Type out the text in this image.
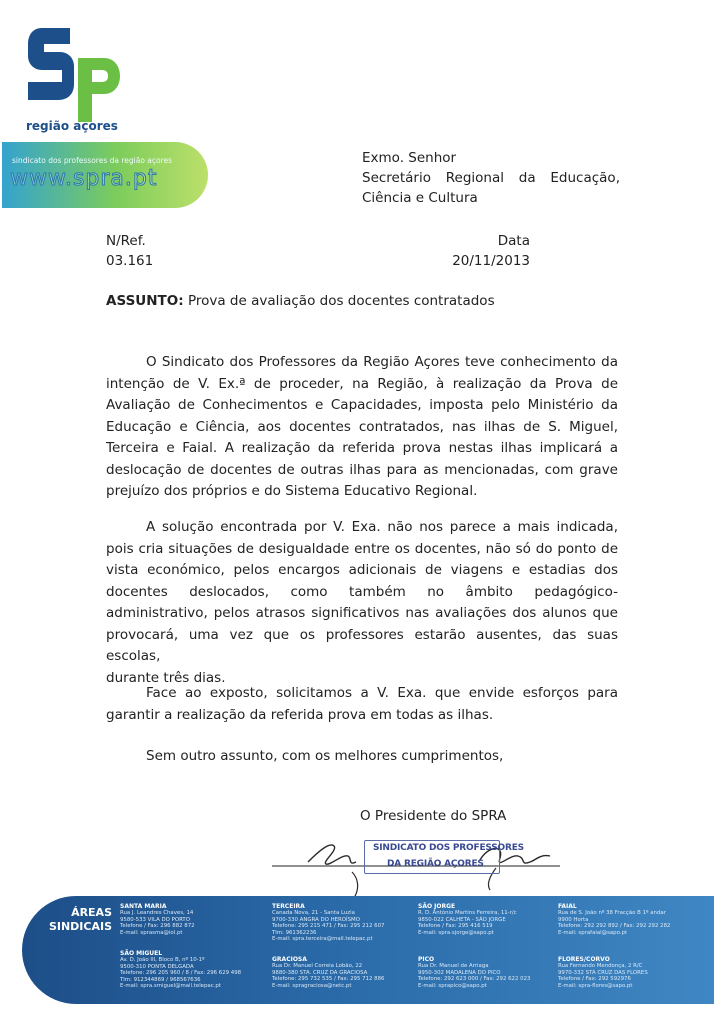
região açores
sindicato dos professores da região açores
www.spra.pt
Exmo. Senhor
Secretário Regional da Educação,
Ciência e Cultura
N/Ref.
03.161
Data
20/11/2013
ASSUNTO: Prova de avaliação dos docentes contratados
O Sindicato dos Professores da Região Açores teve conhecimento da
intenção de V. Ex.ª de proceder, na Região, à realização da Prova de
Avaliação de Conhecimentos e Capacidades, imposta pelo Ministério da
Educação e Ciência, aos docentes contratados, nas ilhas de S. Miguel,
Terceira e Faial. A realização da referida prova nestas ilhas implicará a
deslocação de docentes de outras ilhas para as mencionadas, com grave
prejuízo dos próprios e do Sistema Educativo Regional.
A solução encontrada por V. Exa. não nos parece a mais indicada,
pois cria situações de desigualdade entre os docentes, não só do ponto de
vista económico, pelos encargos adicionais de viagens e estadias dos
docentes deslocados, como também no âmbito pedagógico-
administrativo, pelos atrasos significativos nas avaliações dos alunos que
provocará, uma vez que os professores estarão ausentes, das suas escolas,
durante três dias.
Face ao exposto, solicitamos a V. Exa. que envide esforços para
garantir a realização da referida prova em todas as ilhas.
Sem outro assunto, com os melhores cumprimentos,
O Presidente do SPRA
SINDICATO DOS PROFESSORES
DA REGIÃO AÇORES
ÁREAS
SINDICAIS
SANTA MARIA
Rua J. Leandres Chaves, 14
9580-533 VILA DO PORTO
Telefone / Fax: 296 882 872
E-mail: sprasma@iol.pt
TERCEIRA
Canada Nova, 21 - Santa Luzia
9700-330 ANGRA DO HEROÍSMO
Telefone: 295 215 471 / Fax: 295 212 607
Tlm: 961362236
E-mail: spra.terceira@mail.telepac.pt
SÃO JORGE
R. D. António Martins Ferreira, 11-r/c
9850-022 CALHETA - SÃO JORGE
Telefone / Fax: 295 416 519
E-mail: spra.sjorge@sapo.pt
FAIAL
Rua de S. João nº 38 Fracção B 1º andar
9900 Horta
Telefone: 292 292 892 / Fax: 292 292 282
E-mail: sprafaial@sapo.pt
SÃO MIGUEL
Av. D. João III, Bloco B, nº 10-1º
9500-310 PONTA DELGADA
Telefone: 296 205 960 / 8 / Fax: 296 629 498
Tlm: 912344869 / 968567636
E-mail: spra.smiguel@mail.telepac.pt
GRACIOSA
Rua Dr. Manuel Correia Lobão, 22
9880-380 STA. CRUZ DA GRACIOSA
Telefone: 295 732 535 / Fax: 295 712 886
E-mail: spragraciosa@netc.pt
PICO
Rua Dr. Manuel de Arriaga
9950-302 MADALENA DO PICO
Telefone: 292 623 000 / Fax: 292 622 023
E-mail: sprapico@sapo.pt
FLORES/CORVO
Rua Fernando Mendonça, 2 R/C
9970-332 STA CRUZ DAS FLORES
Telefone / Fax: 292 592976
E-mail: spra-flores@sapo.pt
